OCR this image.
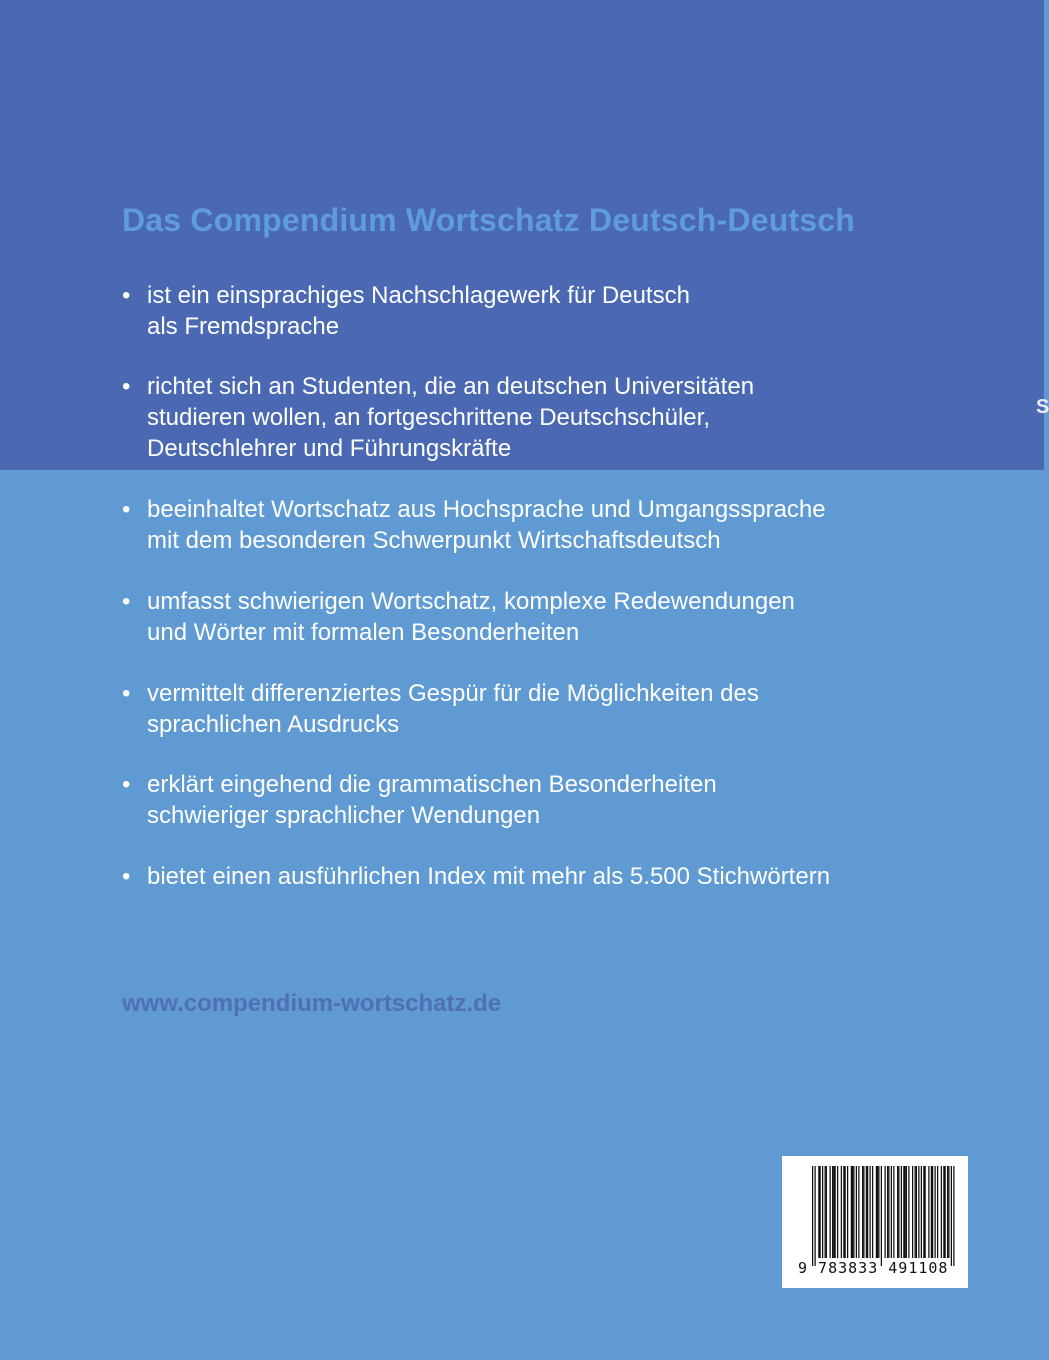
S
Das Compendium Wortschatz Deutsch-Deutsch
• ist ein einsprachiges Nachschlagewerk für Deutsch
als Fremdsprache
• richtet sich an Studenten, die an deutschen Universitäten
studieren wollen, an fortgeschrittene Deutschschüler,
Deutschlehrer und Führungskräfte
• beeinhaltet Wortschatz aus Hochsprache und Umgangssprache
mit dem besonderen Schwerpunkt Wirtschaftsdeutsch
• umfasst schwierigen Wortschatz, komplexe Redewendungen
und Wörter mit formalen Besonderheiten
• vermittelt differenziertes Gespür für die Möglichkeiten des
sprachlichen Ausdrucks
• erklärt eingehend die grammatischen Besonderheiten
schwieriger sprachlicher Wendungen
• bietet einen ausführlichen Index mit mehr als 5.500 Stichwörtern
www.compendium-wortschatz.de
9 783833 491108
